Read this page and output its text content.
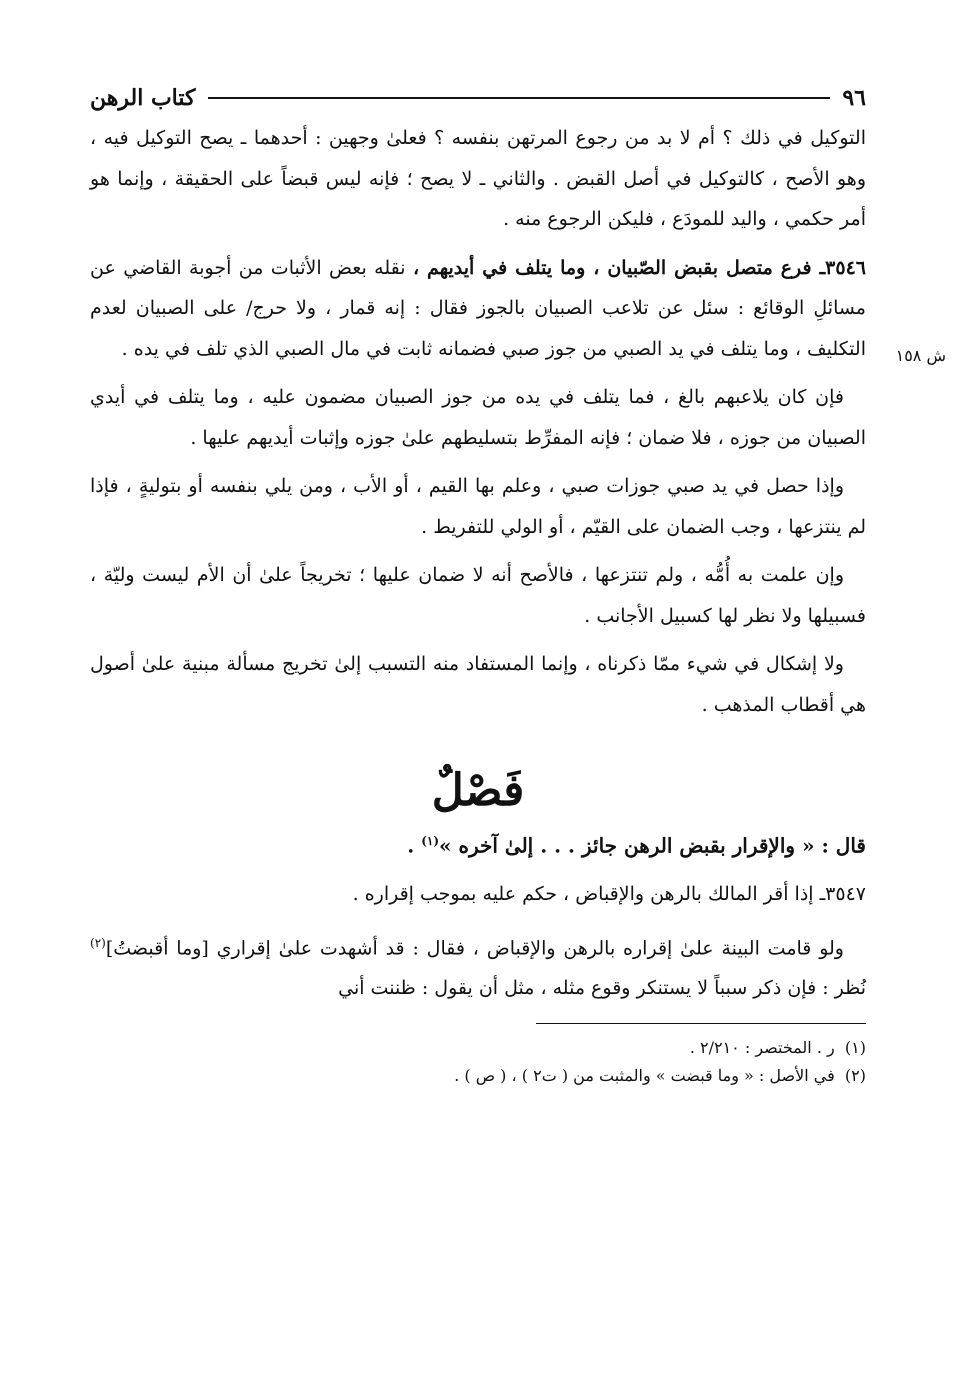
٩٦
كتاب الرهن

التوكيل في ذلك ؟ أم لا بد من رجوع المرتهن بنفسه ؟ فعلىٰ وجهين : أحدهما ـ يصح التوكيل فيه ، وهو الأصح ، كالتوكيل في أصل القبض . والثاني ـ لا يصح ؛ فإنه ليس قبضاً على الحقيقة ، وإنما هو أمر حكمي ، واليد للمودَع ، فليكن الرجوع منه .

٣٥٤٦ـ فرع متصل بقبض الصّبيان ، وما يتلف في أيديهم ، نقله بعض الأثبات من أجوبة القاضي عن مسائلِ الوقائع : سئل عن تلاعب الصبيان بالجوز فقال : إنه قمار ، ولا حرج/ على الصبيان لعدم التكليف ، وما يتلف في يد الصبي من جوز صبي فضمانه ثابت في مال الصبي الذي تلف في يده . ش ١٥٨

فإن كان يلاعبهم بالغ ، فما يتلف في يده من جوز الصبيان مضمون عليه ، وما يتلف في أيدي الصبيان من جوزه ، فلا ضمان ؛ فإنه المفرِّط بتسليطهم علىٰ جوزه وإثبات أيديهم عليها .

وإذا حصل في يد صبي جوزات صبي ، وعلم بها القيم ، أو الأب ، ومن يلي بنفسه أو بتوليةٍ ، فإذا لم ينتزعها ، وجب الضمان على القيّم ، أو الولي للتفريط .

وإن علمت به أُمُّه ، ولم تنتزعها ، فالأصح أنه لا ضمان عليها ؛ تخريجاً علىٰ أن الأم ليست وليّة ، فسبيلها ولا نظر لها كسبيل الأجانب .

ولا إشكال في شيء ممّا ذكرناه ، وإنما المستفاد منه التسبب إلىٰ تخريج مسألة مبنية علىٰ أصول هي أقطاب المذهب .

فَصْلٌ

قال : « والإقرار بقبض الرهن جائز . . . إلىٰ آخره »$^{(١)}$ .

٣٥٤٧ـ إذا أقر المالك بالرهن والإقباض ، حكم عليه بموجب إقراره .

ولو قامت البينة علىٰ إقراره بالرهن والإقباض ، فقال : قد أشهدت علىٰ إقراري [وما أقبضتُ]$^{(٢)}$ نُظر : فإن ذكر سبباً لا يستنكر وقوع مثله ، مثل أن يقول : ظننت أني

(١)  ر . المختصر : ٢/٢١٠ .

(٢)  في الأصل : « وما قبضت » والمثبت من ( ت٢ ) ، ( ص ) .
